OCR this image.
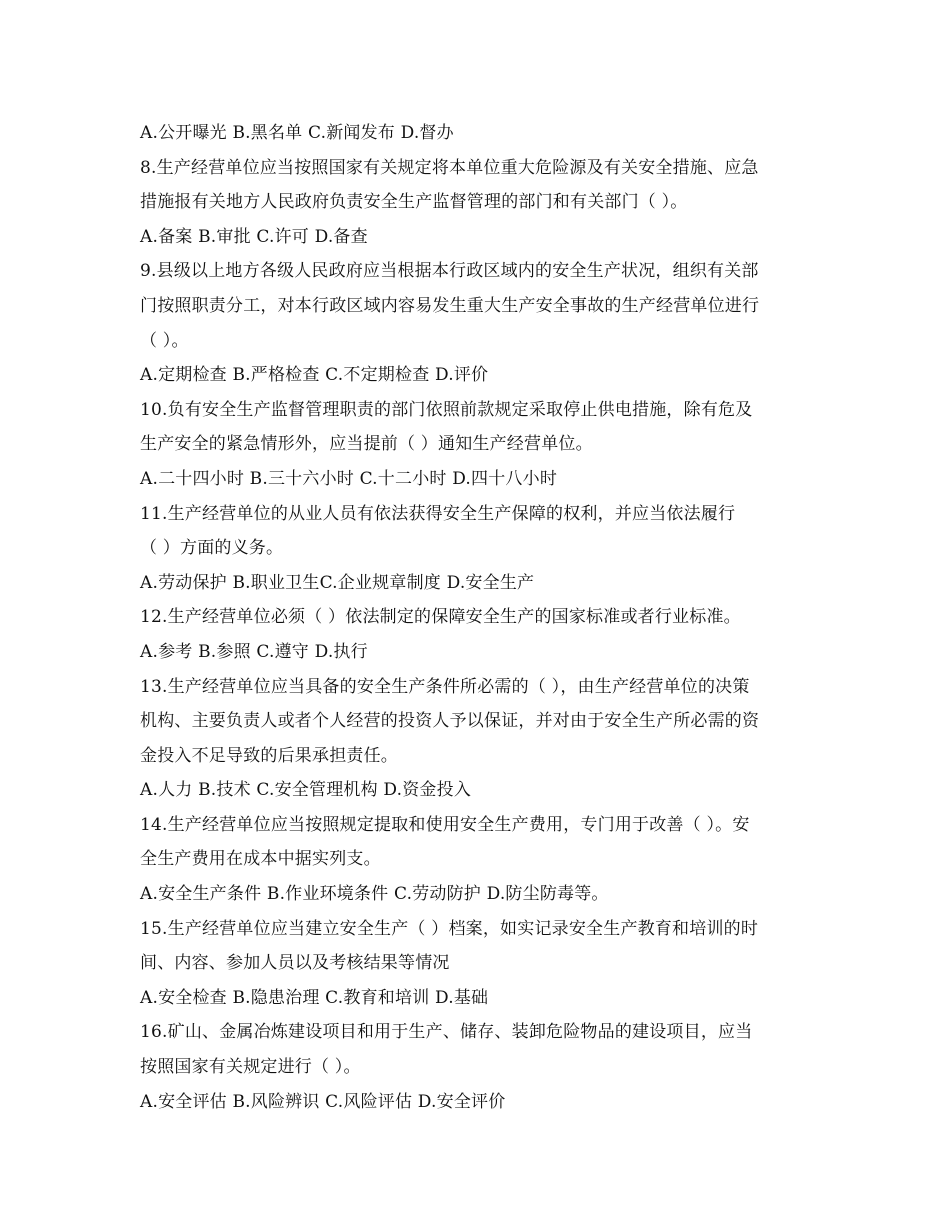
A.公开曝光 B.黑名单 C.新闻发布 D.督办
8.生产经营单位应当按照国家有关规定将本单位重大危险源及有关安全措施、应急
措施报有关地方人民政府负责安全生产监督管理的部门和有关部门（ ）。
A.备案 B.审批 C.许可 D.备查
9.县级以上地方各级人民政府应当根据本行政区域内的安全生产状况，组织有关部
门按照职责分工，对本行政区域内容易发生重大生产安全事故的生产经营单位进行
（ ）。
A.定期检查 B.严格检查 C.不定期检查 D.评价
10.负有安全生产监督管理职责的部门依照前款规定采取停止供电措施，除有危及
生产安全的紧急情形外，应当提前（ ）通知生产经营单位。
A.二十四小时 B.三十六小时 C.十二小时 D.四十八小时
11.生产经营单位的从业人员有依法获得安全生产保障的权利，并应当依法履行
（ ）方面的义务。
A.劳动保护 B.职业卫生C.企业规章制度 D.安全生产
12.生产经营单位必须（ ）依法制定的保障安全生产的国家标准或者行业标准。
A.参考 B.参照 C.遵守 D.执行
13.生产经营单位应当具备的安全生产条件所必需的（ ），由生产经营单位的决策
机构、主要负责人或者个人经营的投资人予以保证，并对由于安全生产所必需的资
金投入不足导致的后果承担责任。
A.人力 B.技术 C.安全管理机构 D.资金投入
14.生产经营单位应当按照规定提取和使用安全生产费用，专门用于改善（ ）。安
全生产费用在成本中据实列支。
A.安全生产条件 B.作业环境条件 C.劳动防护 D.防尘防毒等。
15.生产经营单位应当建立安全生产（ ）档案，如实记录安全生产教育和培训的时
间、内容、参加人员以及考核结果等情况
A.安全检查 B.隐患治理 C.教育和培训 D.基础
16.矿山、金属冶炼建设项目和用于生产、储存、装卸危险物品的建设项目，应当
按照国家有关规定进行（ ）。
A.安全评估 B.风险辨识 C.风险评估 D.安全评价
